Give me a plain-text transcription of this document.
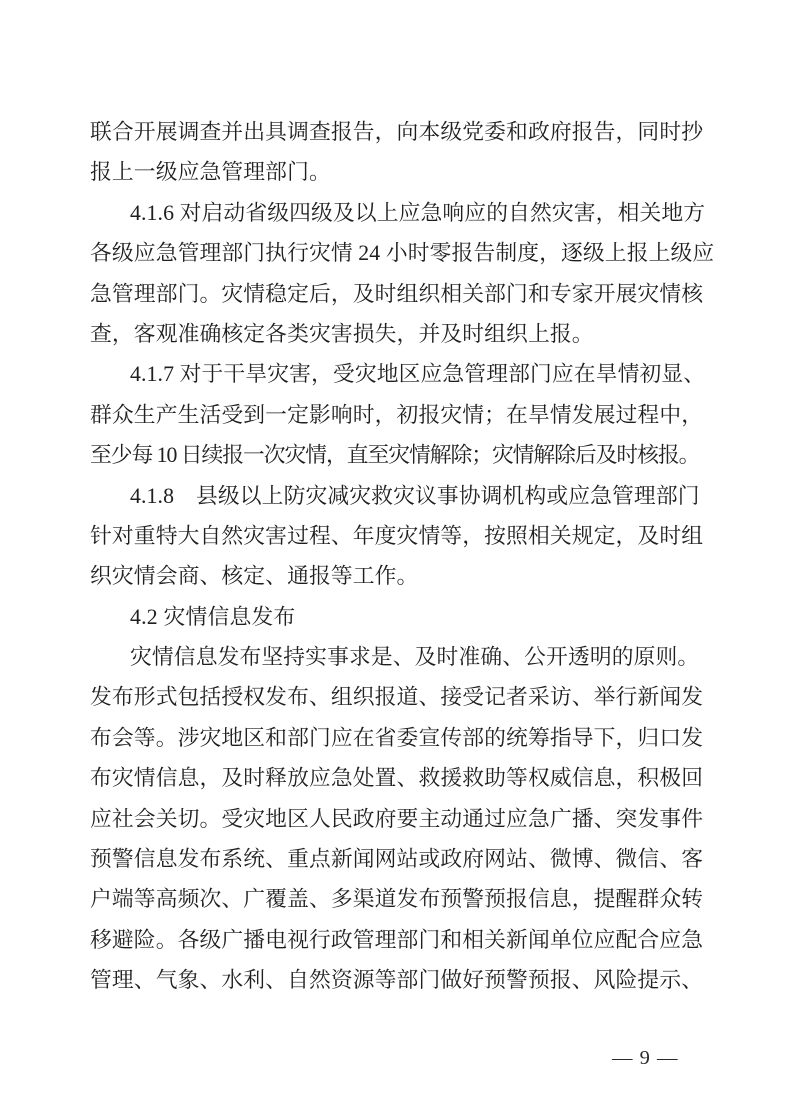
联合开展调查并出具调查报告，向本级党委和政府报告，同时抄
报上一级应急管理部门。
4.1.6 对启动省级四级及以上应急响应的自然灾害，相关地方
各级应急管理部门执行灾情 24 小时零报告制度，逐级上报上级应
急管理部门。灾情稳定后，及时组织相关部门和专家开展灾情核
查，客观准确核定各类灾害损失，并及时组织上报。
4.1.7 对于干旱灾害，受灾地区应急管理部门应在旱情初显、
群众生产生活受到一定影响时，初报灾情；在旱情发展过程中，
至少每 10 日续报一次灾情，直至灾情解除；灾情解除后及时核报。
4.1.8　县级以上防灾减灾救灾议事协调机构或应急管理部门
针对重特大自然灾害过程、年度灾情等，按照相关规定，及时组
织灾情会商、核定、通报等工作。
4.2 灾情信息发布
灾情信息发布坚持实事求是、及时准确、公开透明的原则。
发布形式包括授权发布、组织报道、接受记者采访、举行新闻发
布会等。涉灾地区和部门应在省委宣传部的统筹指导下，归口发
布灾情信息，及时释放应急处置、救援救助等权威信息，积极回
应社会关切。受灾地区人民政府要主动通过应急广播、突发事件
预警信息发布系统、重点新闻网站或政府网站、微博、微信、客
户端等高频次、广覆盖、多渠道发布预警预报信息，提醒群众转
移避险。各级广播电视行政管理部门和相关新闻单位应配合应急
管理、气象、水利、自然资源等部门做好预警预报、风险提示、
— 9 —
